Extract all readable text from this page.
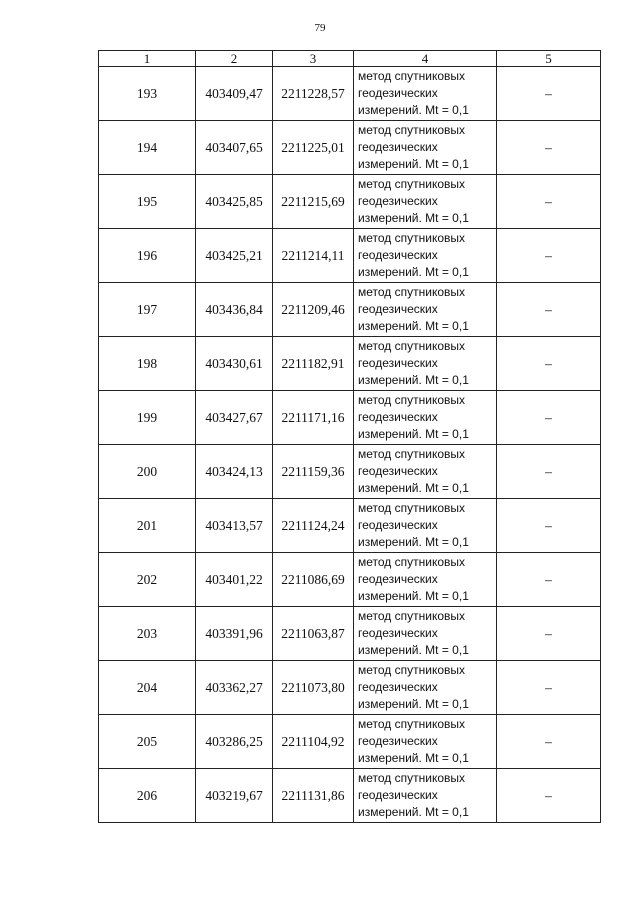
79
1	2	3	4	5
193	403409,47	2211228,57	метод спутниковых
геодезических
измерений. Mt = 0,1	–
194	403407,65	2211225,01	метод спутниковых
геодезических
измерений. Mt = 0,1	–
195	403425,85	2211215,69	метод спутниковых
геодезических
измерений. Mt = 0,1	–
196	403425,21	2211214,11	метод спутниковых
геодезических
измерений. Mt = 0,1	–
197	403436,84	2211209,46	метод спутниковых
геодезических
измерений. Mt = 0,1	–
198	403430,61	2211182,91	метод спутниковых
геодезических
измерений. Mt = 0,1	–
199	403427,67	2211171,16	метод спутниковых
геодезических
измерений. Mt = 0,1	–
200	403424,13	2211159,36	метод спутниковых
геодезических
измерений. Mt = 0,1	–
201	403413,57	2211124,24	метод спутниковых
геодезических
измерений. Mt = 0,1	–
202	403401,22	2211086,69	метод спутниковых
геодезических
измерений. Mt = 0,1	–
203	403391,96	2211063,87	метод спутниковых
геодезических
измерений. Mt = 0,1	–
204	403362,27	2211073,80	метод спутниковых
геодезических
измерений. Mt = 0,1	–
205	403286,25	2211104,92	метод спутниковых
геодезических
измерений. Mt = 0,1	–
206	403219,67	2211131,86	метод спутниковых
геодезических
измерений. Mt = 0,1	–
